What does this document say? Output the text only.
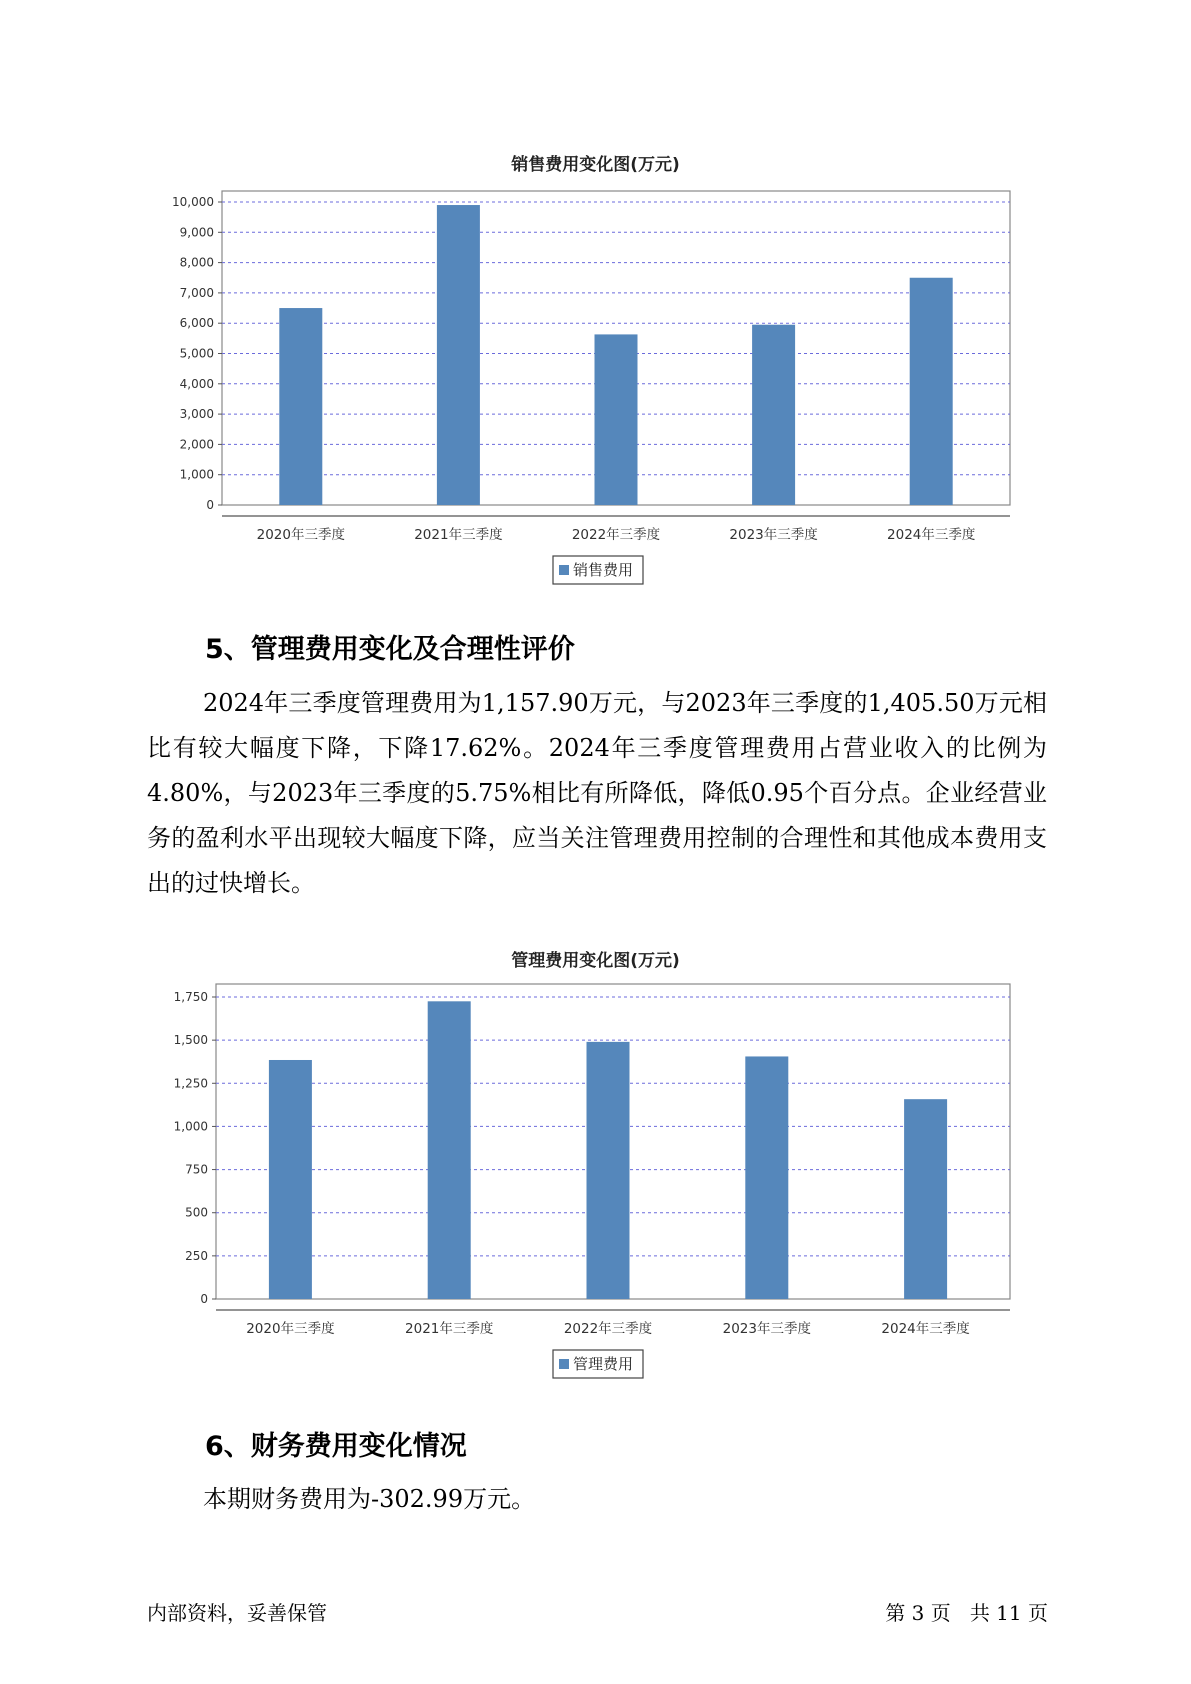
销售费用变化图(万元)
0
1,000
2,000
3,000
4,000
5,000
6,000
7,000
8,000
9,000
10,000
2020年三季度	2021年三季度	2022年三季度	2023年三季度	2024年三季度
销售费用
管理费用变化图(万元)
0
250
500
750
1,000
1,250
1,500
1,750
2020年三季度	2021年三季度	2022年三季度	2023年三季度	2024年三季度
管理费用
5、管理费用变化及合理性评价
2024年三季度管理费用为1,157.90万元，与2023年三季度的1,405.50万元相比有较大幅度下降，下降17.62%。2024年三季度管理费用占营业收入的比例为4.80%，与2023年三季度的5.75%相比有所降低，降低0.95个百分点。企业经营业务的盈利水平出现较大幅度下降，应当关注管理费用控制的合理性和其他成本费用支出的过快增长。
6、财务费用变化情况
本期财务费用为-302.99万元。
内部资料，妥善保管	第 3 页   共 11 页
